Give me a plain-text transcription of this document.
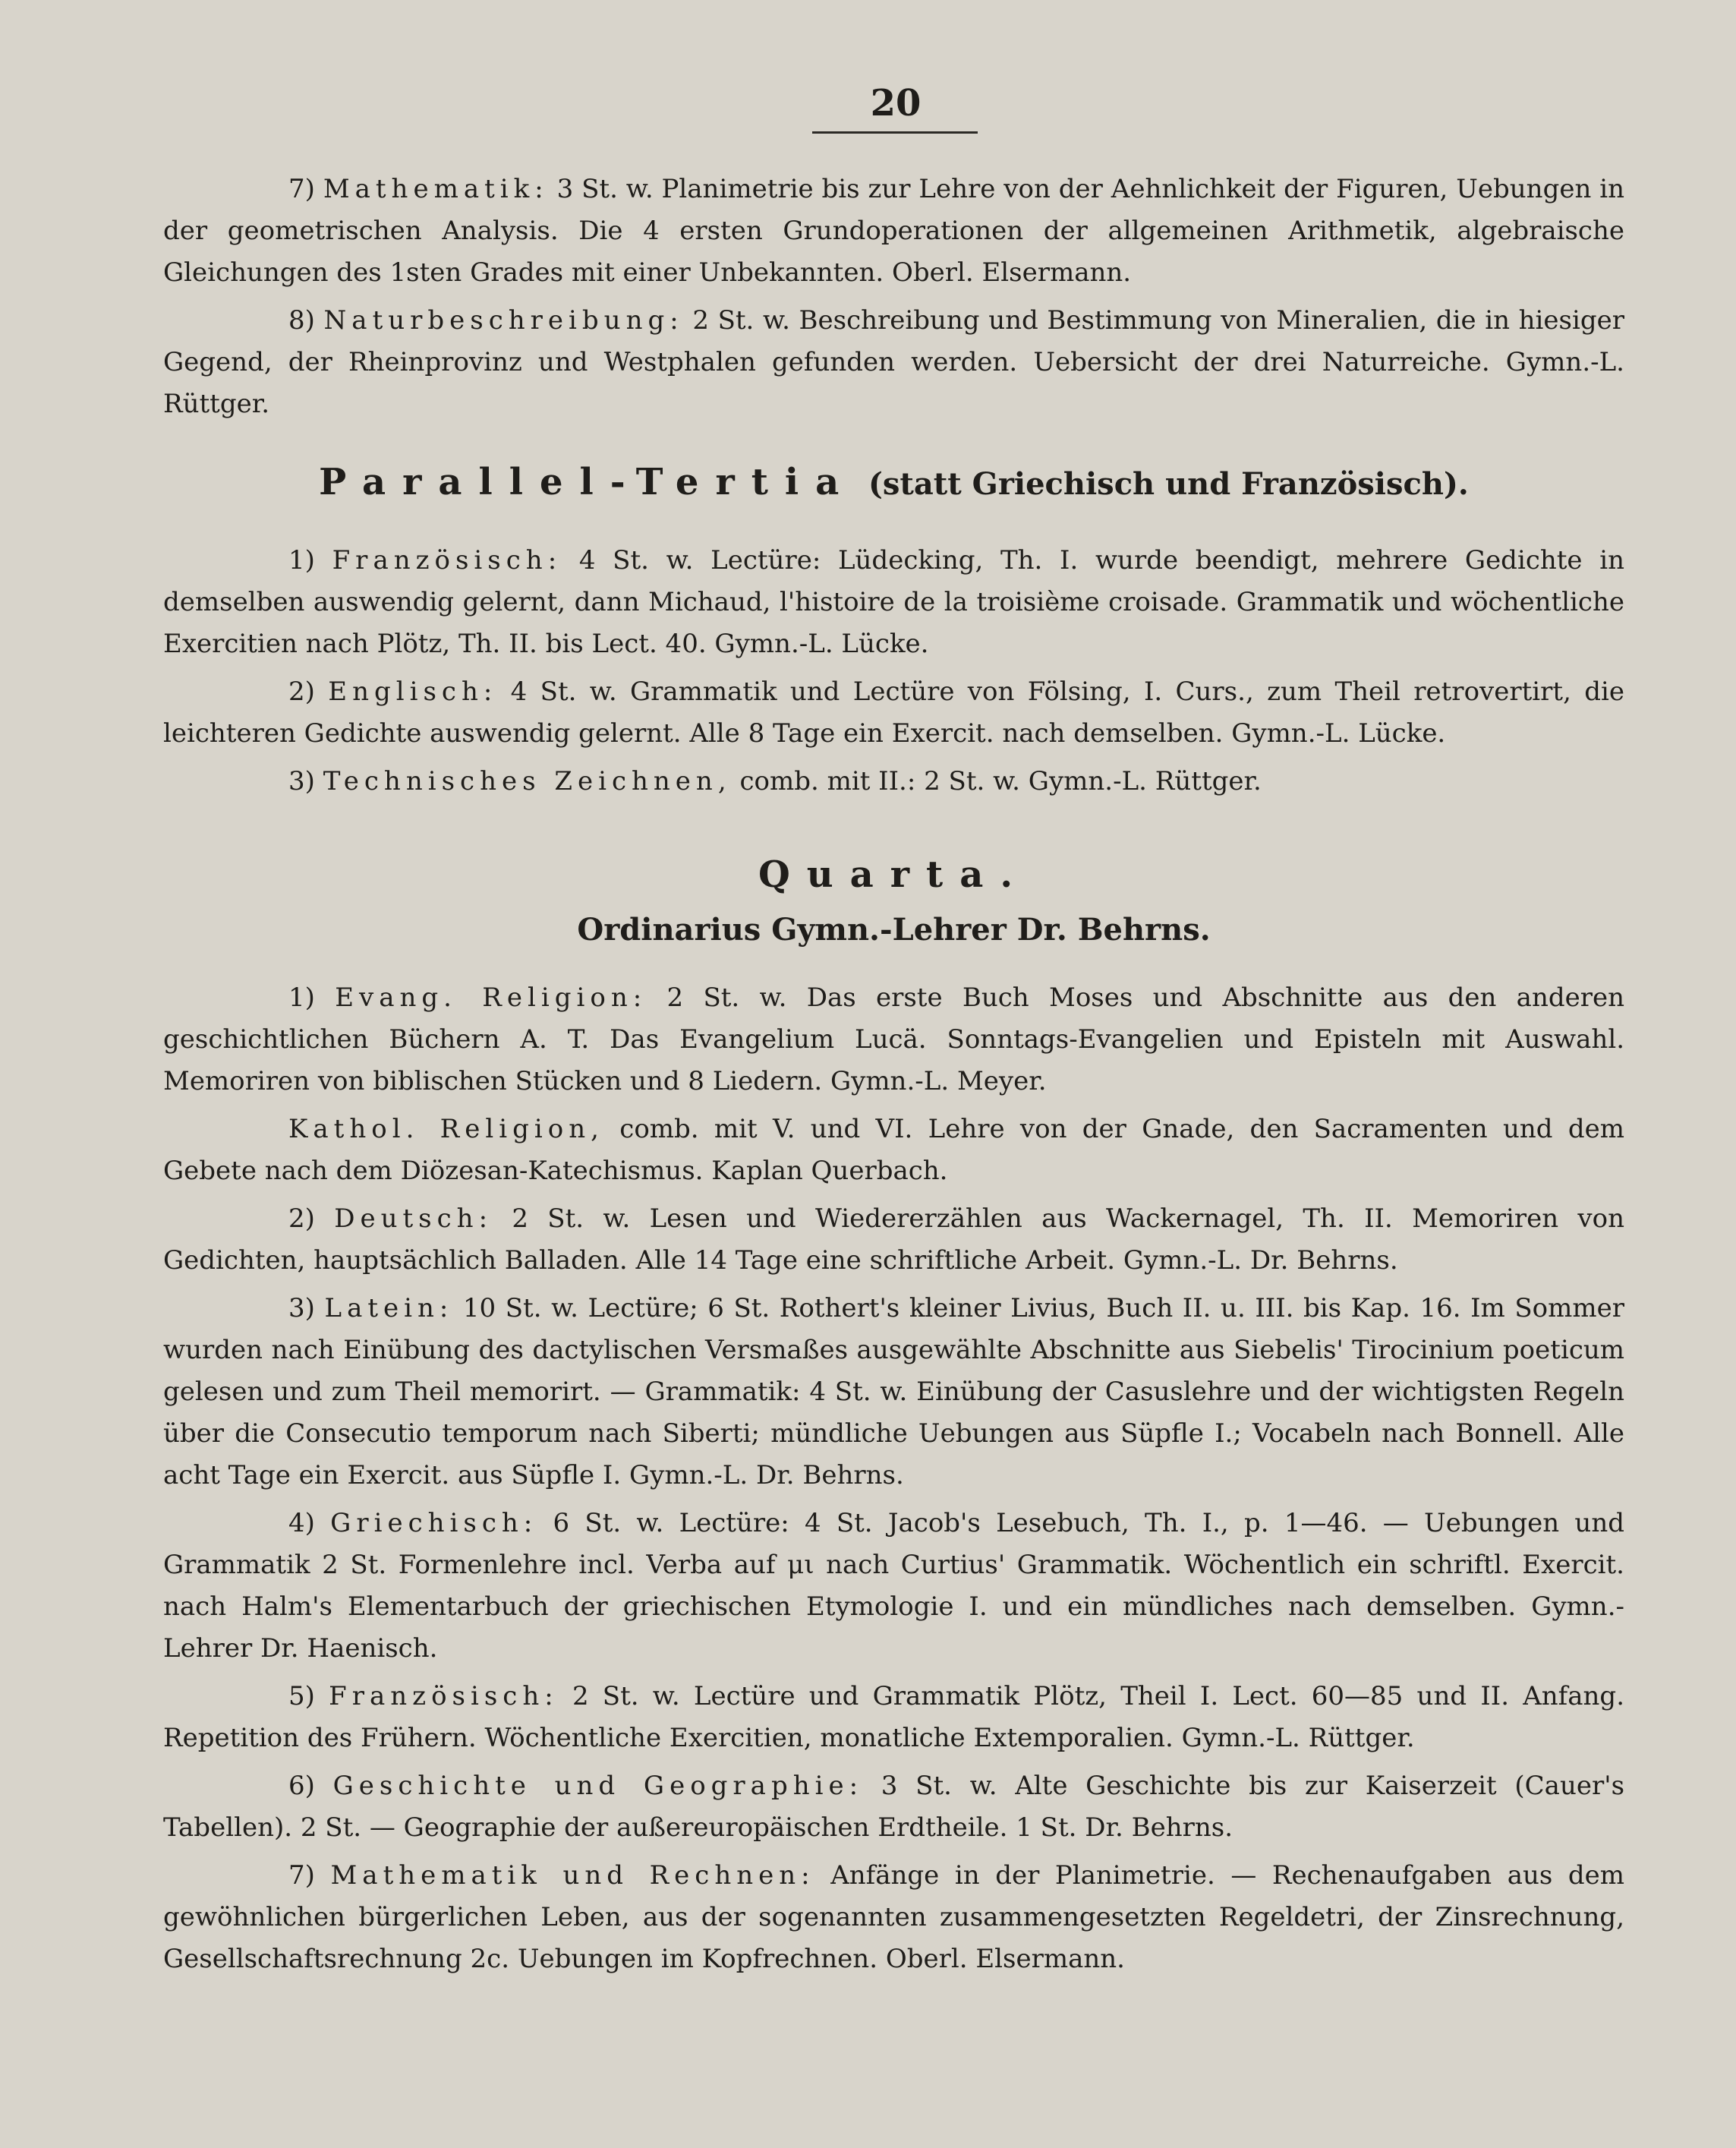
20

7) Mathematik: 3 St. w. Planimetrie bis zur Lehre von der Aehnlichkeit der Figuren, Uebungen in der geometrischen Analysis. Die 4 ersten Grundoperationen der allgemeinen Arithmetik, algebraische Gleichungen des 1sten Grades mit einer Unbekannten. Oberl. Elsermann.

8) Naturbeschreibung: 2 St. w. Beschreibung und Bestimmung von Mineralien, die in hiesiger Gegend, der Rheinprovinz und Westphalen gefunden werden. Uebersicht der drei Naturreiche. Gymn.-L. Rüttger.

Parallel-Tertia (statt Griechisch und Französisch).

1) Französisch: 4 St. w. Lectüre: Lüdecking, Th. I. wurde beendigt, mehrere Gedichte in demselben auswendig gelernt, dann Michaud, l'histoire de la troisième croisade. Grammatik und wöchentliche Exercitien nach Plötz, Th. II. bis Lect. 40. Gymn.-L. Lücke.

2) Englisch: 4 St. w. Grammatik und Lectüre von Fölsing, I. Curs., zum Theil retrovertirt, die leichteren Gedichte auswendig gelernt. Alle 8 Tage ein Exercit. nach demselben. Gymn.-L. Lücke.

3) Technisches Zeichnen, comb. mit II.: 2 St. w. Gymn.-L. Rüttger.

Quarta.
Ordinarius Gymn.-Lehrer Dr. Behrns.

1) Evang. Religion: 2 St. w. Das erste Buch Moses und Abschnitte aus den anderen geschichtlichen Büchern A. T. Das Evangelium Lucä. Sonntags-Evangelien und Episteln mit Auswahl. Memoriren von biblischen Stücken und 8 Liedern. Gymn.-L. Meyer.

Kathol. Religion, comb. mit V. und VI. Lehre von der Gnade, den Sacramenten und dem Gebete nach dem Diözesan-Katechismus. Kaplan Querbach.

2) Deutsch: 2 St. w. Lesen und Wiedererzählen aus Wackernagel, Th. II. Memoriren von Gedichten, hauptsächlich Balladen. Alle 14 Tage eine schriftliche Arbeit. Gymn.-L. Dr. Behrns.

3) Latein: 10 St. w. Lectüre; 6 St. Rothert's kleiner Livius, Buch II. u. III. bis Kap. 16. Im Sommer wurden nach Einübung des dactylischen Versmaßes ausgewählte Abschnitte aus Siebelis' Tirocinium poeticum gelesen und zum Theil memorirt. — Grammatik: 4 St. w. Einübung der Casuslehre und der wichtigsten Regeln über die Consecutio temporum nach Siberti; mündliche Uebungen aus Süpfle I.; Vocabeln nach Bonnell. Alle acht Tage ein Exercit. aus Süpfle I. Gymn.-L. Dr. Behrns.

4) Griechisch: 6 St. w. Lectüre: 4 St. Jacob's Lesebuch, Th. I., p. 1—46. — Uebungen und Grammatik 2 St. Formenlehre incl. Verba auf μι nach Curtius' Grammatik. Wöchentlich ein schriftl. Exercit. nach Halm's Elementarbuch der griechischen Etymologie I. und ein mündliches nach demselben. Gymn.-Lehrer Dr. Haenisch.

5) Französisch: 2 St. w. Lectüre und Grammatik Plötz, Theil I. Lect. 60—85 und II. Anfang. Repetition des Frühern. Wöchentliche Exercitien, monatliche Extemporalien. Gymn.-L. Rüttger.

6) Geschichte und Geographie: 3 St. w. Alte Geschichte bis zur Kaiserzeit (Cauer's Tabellen). 2 St. — Geographie der außereuropäischen Erdtheile. 1 St. Dr. Behrns.

7) Mathematik und Rechnen: Anfänge in der Planimetrie. — Rechenaufgaben aus dem gewöhnlichen bürgerlichen Leben, aus der sogenannten zusammengesetzten Regeldetri, der Zinsrechnung, Gesellschaftsrechnung 2c. Uebungen im Kopfrechnen. Oberl. Elsermann.
